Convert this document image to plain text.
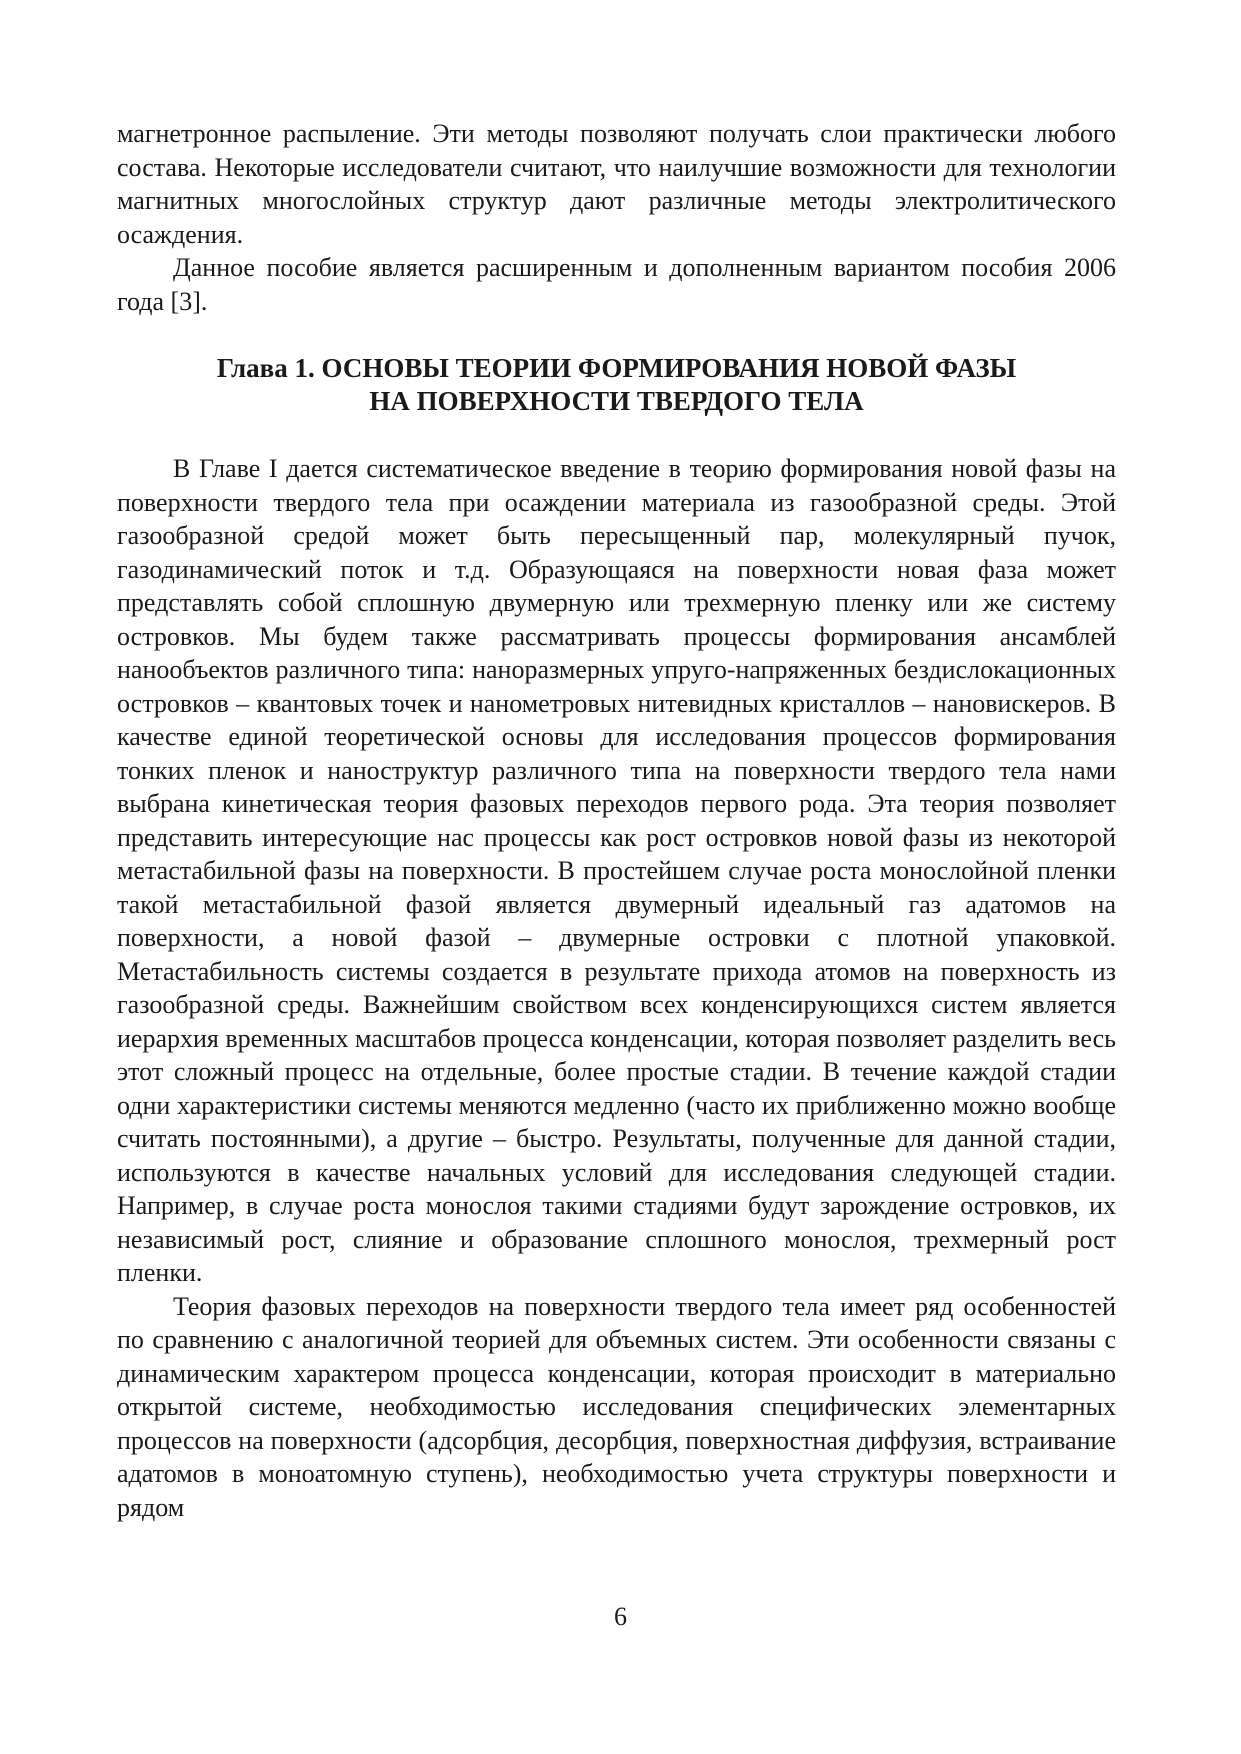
магнетронное распыление. Эти методы позволяют получать слои практически любого состава. Некоторые исследователи считают, что наилучшие возможности для технологии магнитных многослойных структур дают различные методы электролитического осаждения.

Данное пособие является расширенным и дополненным вариантом пособия 2006 года [3].

Глава 1. ОСНОВЫ ТЕОРИИ ФОРМИРОВАНИЯ НОВОЙ ФАЗЫ
НА ПОВЕРХНОСТИ ТВЕРДОГО ТЕЛА

В Главе I дается систематическое введение в теорию формирования новой фазы на поверхности твердого тела при осаждении материала из газообразной среды. Этой газообразной средой может быть пересыщенный пар, молекулярный пучок, газодинамический поток и т.д. Образующаяся на поверхности новая фаза может представлять собой сплошную двумерную или трехмерную пленку или же систему островков. Мы будем также рассматривать процессы формирования ансамблей нанообъектов различного типа: наноразмерных упруго-напряженных бездислокационных островков – квантовых точек и нанометровых нитевидных кристаллов – нановискеров. В качестве единой теоретической основы для исследования процессов формирования тонких пленок и наноструктур различного типа на поверхности твердого тела нами выбрана кинетическая теория фазовых переходов первого рода. Эта теория позволяет представить интересующие нас процессы как рост островков новой фазы из некоторой метастабильной фазы на поверхности. В простейшем случае роста монослойной пленки такой метастабильной фазой является двумерный идеальный газ адатомов на поверхности, а новой фазой – двумерные островки с плотной упаковкой. Метастабильность системы создается в результате прихода атомов на поверхность из газообразной среды. Важнейшим свойством всех конденсирующихся систем является иерархия временных масштабов процесса конденсации, которая позволяет разделить весь этот сложный процесс на отдельные, более простые стадии. В течение каждой стадии одни характеристики системы меняются медленно (часто их приближенно можно вообще считать постоянными), а другие – быстро. Результаты, полученные для данной стадии, используются в качестве начальных условий для исследования следующей стадии. Например, в случае роста монослоя такими стадиями будут зарождение островков, их независимый рост, слияние и образование сплошного монослоя, трехмерный рост пленки.

Теория фазовых переходов на поверхности твердого тела имеет ряд особенностей по сравнению с аналогичной теорией для объемных систем. Эти особенности связаны с динамическим характером процесса конденсации, которая происходит в материально открытой системе, необходимостью исследования специфических элементарных процессов на поверхности (адсорбция, десорбция, поверхностная диффузия, встраивание адатомов в моноатомную ступень), необходимостью учета структуры поверхности и рядом

6
